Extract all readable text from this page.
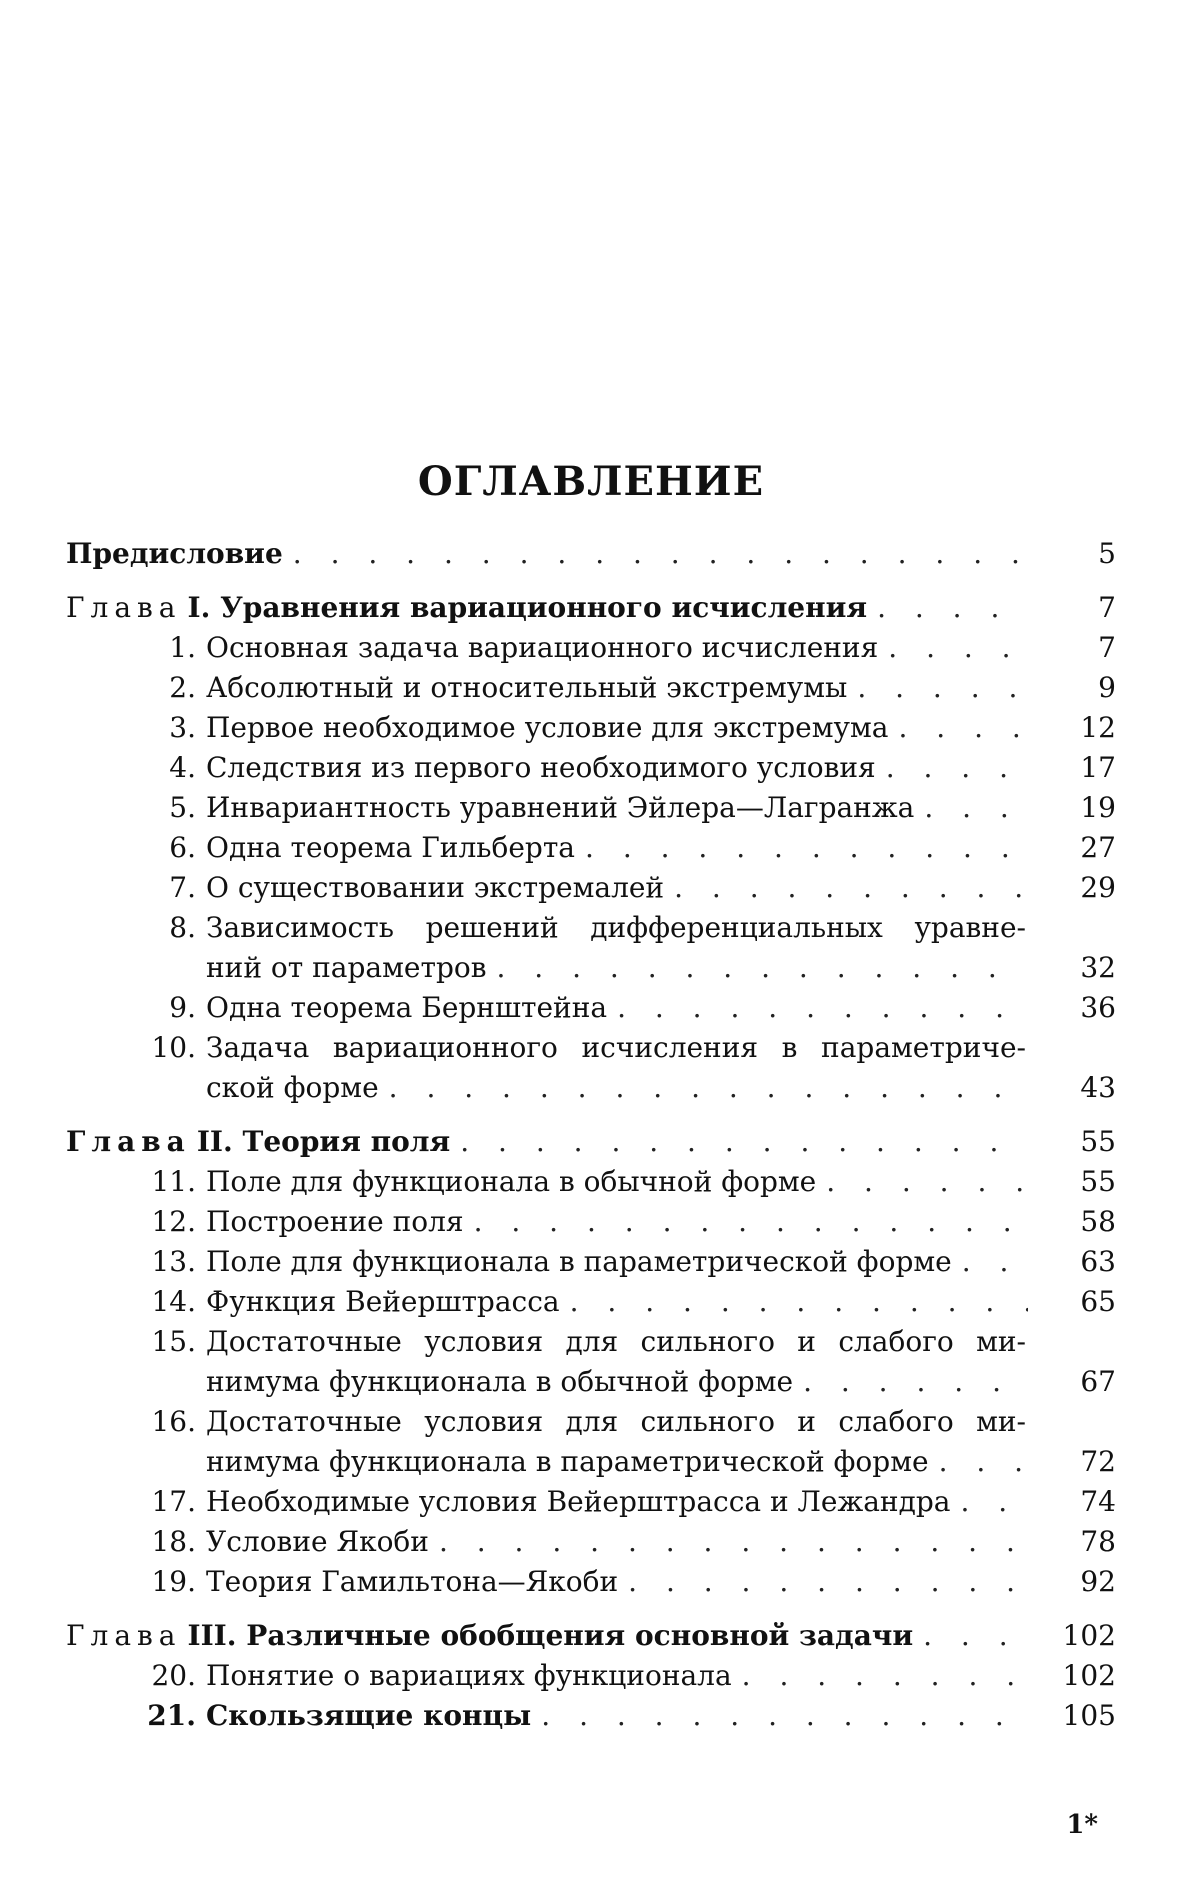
ОГЛАВЛЕНИЕ
Предисловие . . .	5
Глава I. Уравнения вариационного исчисления . . .	7
1. Основная задача вариационного исчисления . . .	7
2. Абсолютный и относительный экстремумы . . .	9
3. Первое необходимое условие для экстремума . . .	12
4. Следствия из первого необходимого условия . . .	17
5. Инвариантность уравнений Эйлера—Лагранжа . . .	19
6. Одна теорема Гильберта . . .	27
7. О существовании экстремалей . . .	29
8. Зависимость решений дифференциальных уравне-
ний от параметров . . .	32
9. Одна теорема Бернштейна . . .	36
10. Задача вариационного исчисления в параметриче-
ской форме . . .	43
Глава II. Теория поля . . .	55
11. Поле для функционала в обычной форме . . .	55
12. Построение поля . . .	58
13. Поле для функционала в параметрической форме . . .	63
14. Функция Вейерштрасса . . .	65
15. Достаточные условия для сильного и слабого ми-
нимума функционала в обычной форме . . .	67
16. Достаточные условия для сильного и слабого ми-
нимума функционала в параметрической форме . . .	72
17. Необходимые условия Вейерштрасса и Лежандра . . .	74
18. Условие Якоби . . .	78
19. Теория Гамильтона—Якоби . . .	92
Глава III. Различные обобщения основной задачи . . .	102
20. Понятие о вариациях функционала . . .	102
21. Скользящие концы . . .	105
1*
